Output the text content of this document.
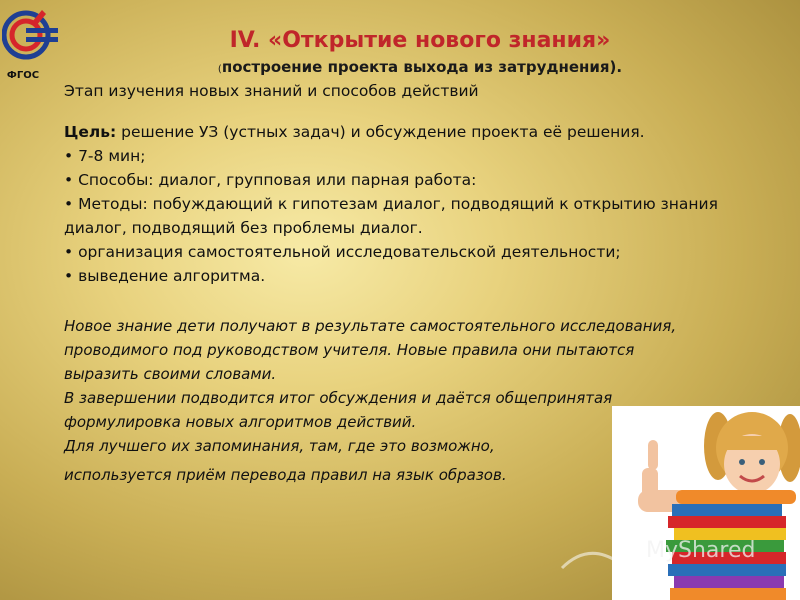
ФГОС
IV. «Открытие нового знания»
(построение проекта выхода из затруднения).
Этап изучения новых знаний и способов действий
Цель: решение УЗ (устных задач) и обсуждение проекта её решения.
• 7-8 мин;
• Способы: диалог, групповая или парная работа:
• Методы: побуждающий к гипотезам диалог, подводящий к открытию знания
диалог, подводящий без проблемы диалог.
• организация самостоятельной исследовательской деятельности;
• выведение алгоритма.
Новое знание дети получают в результате самостоятельного исследования,
проводимого под руководством учителя. Новые правила они пытаются
выразить своими словами.
В завершении подводится итог обсуждения и даётся общепринятая
формулировка новых алгоритмов действий.
Для лучшего их запоминания, там, где это возможно,
используется приём перевода правил на язык образов.
MyShared
